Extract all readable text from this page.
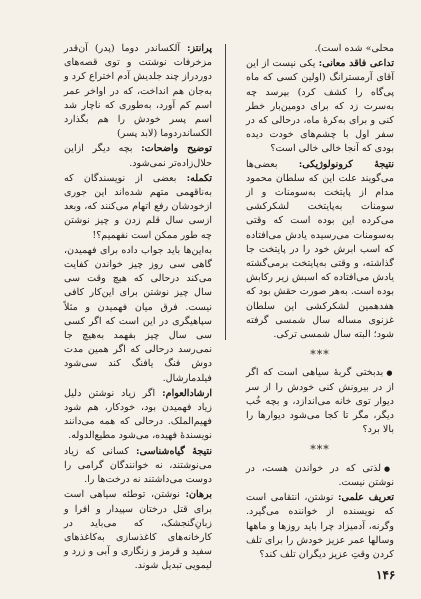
محلی» شده است).

تداعی فاقد معانی: یکی نیست از این آقای آرمسترانگ (اولین کسی که ماه پی‌گاه را کشف کرد) بپرسد چه به‌سرت زد که برای دومین‌بار خطر کنی و برای به‌کرهٔ ماه، درحالی که در سفر اول با چشم‌های خودت دیده بودی که آنجا خالی خالی است؟

نتیجهٔ کرونولوژیکی: بعضی‌ها می‌گویند علت این که سلطان محمود مدام از پایتخت به‌سومنات و از سومنات به‌پایتخت لشکرکشی می‌کرده این بوده است که وقتی به‌سومنات می‌رسیده یادش می‌افتاده که اسب ابرش خود را در پایتخت جا گذاشته، و وقتی به‌پایتخت برمی‌گشته یادش می‌افتاده که اسبش زیر رکابش بوده است. به‌هر صورت حقش بود که هفدهمین لشکرکشی این سلطان غزنوی مساله سال شمسی گرفته شود؛ البته سال شمسی ترکی.

***

● بدبختی گربهٔ سیاهی است که اگر از در بیرونش کنی خودش را از سر دیوار توی خانه می‌اندازد، و بچه خُب دیگر، مگر تا کجا می‌شود دیوارها را بالا برد؟

***

● لذتی که در خواندن هست، در نوشتن نیست.

تعریف علمی: نوشتن، انتقامی است که نویسنده از خواننده می‌گیرد. وگرنه، آدمیزاد چرا باید روزها و ماهها وسالها عمر عزیز خودش را برای تلف کردن وقتِ عزیز دیگران تلف کند؟

پرانتز: آلکساندر دوما (پدر) آن‌قدر مزخرفات نوشتت و توی قصه‌های دوردراز چند جلدیش آدم اختراع کرد و به‌جان هم انداخت، که در اواخر عمر اسم کم آورد، به‌طوری که ناچار شد اسم پسر خودش را هم بگذارد الکساندردوما (لابد پسر)

توضیح واضحات: بچه دیگر ازاین حلال‌زاده‌تر نمی‌شود.

تکمله: بعضی از نویسندگان که به‌ناقهمی متهم شده‌اند این جوری ازخودشان رفع اتهام می‌کنند که، وبعد ازسی سال قلم زدن و چیز نوشتن چه طور ممکن است نفهمیم؟!

به‌این‌ها باید جواب داده برای فهمیدن، گاهی سی روز چیز خواندن کفایت می‌کند درحالی که هیچ وقت سی سال چیز نوشتن برای این‌کار کافی نیست. فرق میان فهمیدن و مثلاً سپاهیگری در این است که اگر کسی سی سال چیز بفهمد به‌هیچ جا نمی‌رسد درحالی که اگر همین مدت دوش فنگ یافنگ کند سی‌شود فیلدمارشال.

ارشادالعوام: اگر زیاد نوشتن دلیل زیاد فهمیدن بود، خودکار، هم شود فهیم‌الملک. درحالی که همه می‌دانند نویسندهٔ فهیده، می‌شود مطیع‌الدوله.

نتیجهٔ گیاه‌شناسی: کسانی که زیاد می‌نوشتند، نه خوانندگان گرامی را دوست می‌داشتند نه درخت‌ها را.

برهان: نوشتن، توطئه سیاهی است برای قتل درختان سپیدار و افرا و زبانِ‌گنجشک، که می‌باید در کارخانه‌های کاغذسازی به‌کاغذهای سفید و قرمز و زنگاری و آبی و زرد و لیمویی تبدیل شوند.

۱۴۶
